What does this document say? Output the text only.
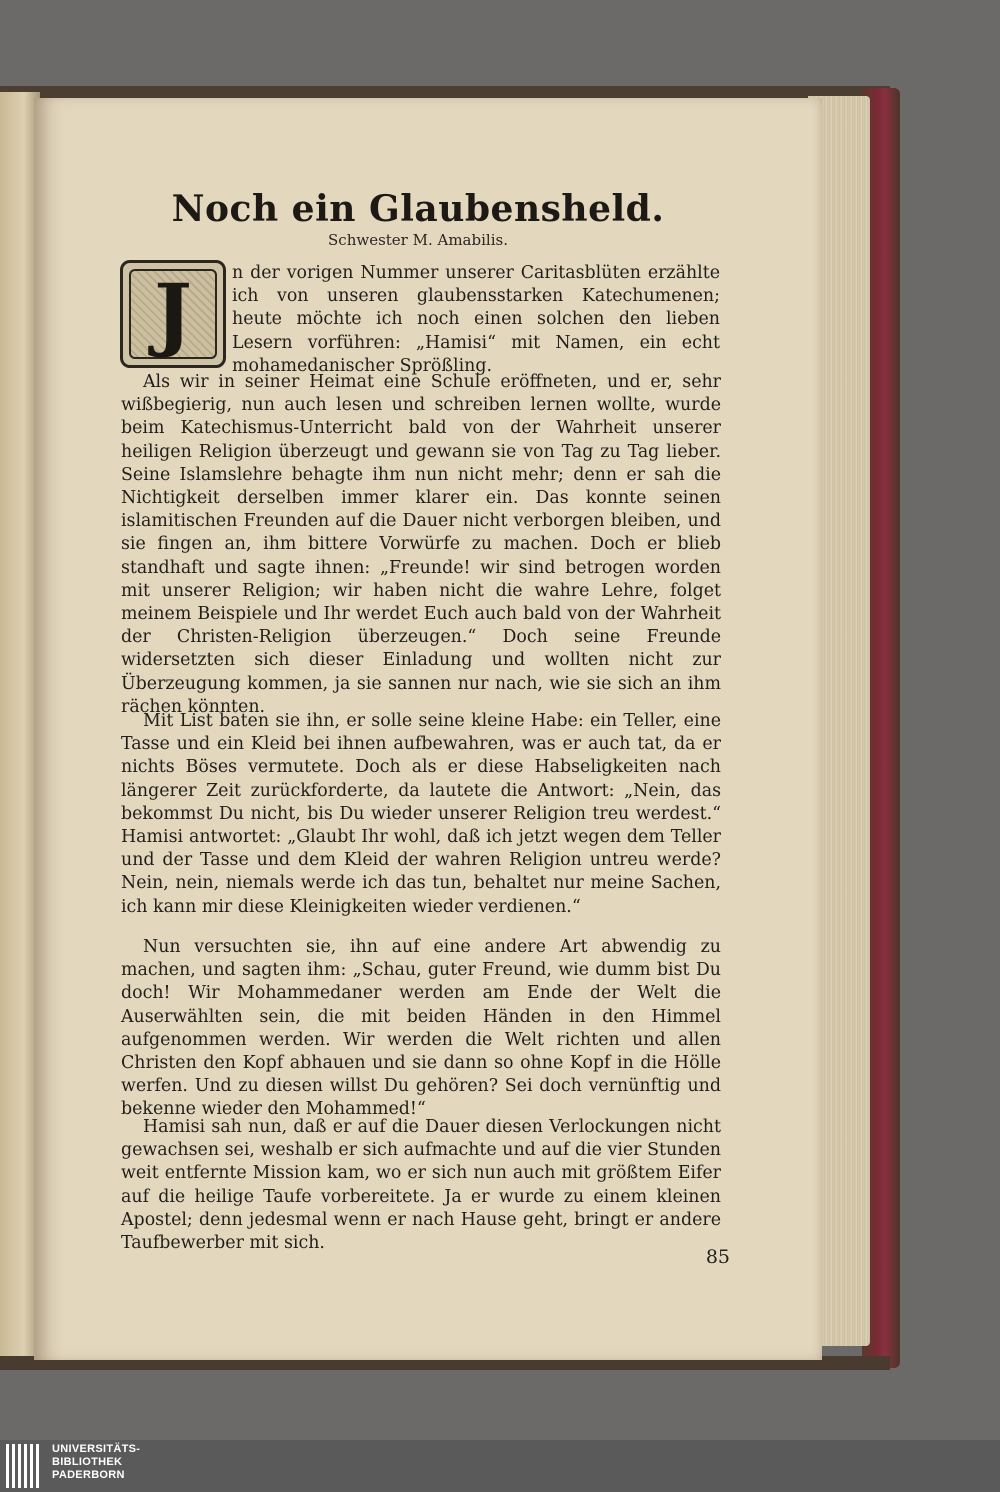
Noch ein Glaubensheld.
Schwester M. Amabilis.
J	n der vorigen Nummer unserer Caritasblüten erzählte ich von unseren glaubensstarken Katechumenen; heute möchte ich noch einen solchen den lieben Lesern vorführen: „Hamisi“ mit Namen, ein echt mohamedanischer Sprößling.

Als wir in seiner Heimat eine Schule eröffneten, und er, sehr wißbegierig, nun auch lesen und schreiben lernen wollte, wurde beim Katechismus-Unterricht bald von der Wahrheit unserer heiligen Religion überzeugt und gewann sie von Tag zu Tag lieber. Seine Islamslehre behagte ihm nun nicht mehr; denn er sah die Nichtigkeit derselben immer klarer ein. Das konnte seinen islamitischen Freunden auf die Dauer nicht verborgen bleiben, und sie fingen an, ihm bittere Vorwürfe zu machen. Doch er blieb standhaft und sagte ihnen: „Freunde! wir sind betrogen worden mit unserer Religion; wir haben nicht die wahre Lehre, folget meinem Beispiele und Ihr werdet Euch auch bald von der Wahrheit der Christen-Religion überzeugen.“ Doch seine Freunde widersetzten sich dieser Einladung und wollten nicht zur Überzeugung kommen, ja sie sannen nur nach, wie sie sich an ihm rächen könnten.

Mit List baten sie ihn, er solle seine kleine Habe: ein Teller, eine Tasse und ein Kleid bei ihnen aufbewahren, was er auch tat, da er nichts Böses vermutete. Doch als er diese Habseligkeiten nach längerer Zeit zurückforderte, da lautete die Antwort: „Nein, das bekommst Du nicht, bis Du wieder unserer Religion treu werdest.“ Hamisi antwortet: „Glaubt Ihr wohl, daß ich jetzt wegen dem Teller und der Tasse und dem Kleid der wahren Religion untreu werde? Nein, nein, niemals werde ich das tun, behaltet nur meine Sachen, ich kann mir diese Kleinigkeiten wieder verdienen.“

Nun versuchten sie, ihn auf eine andere Art abwendig zu machen, und sagten ihm: „Schau, guter Freund, wie dumm bist Du doch! Wir Mohammedaner werden am Ende der Welt die Auserwählten sein, die mit beiden Händen in den Himmel aufgenommen werden. Wir werden die Welt richten und allen Christen den Kopf abhauen und sie dann so ohne Kopf in die Hölle werfen. Und zu diesen willst Du gehören? Sei doch vernünftig und bekenne wieder den Mohammed!“

Hamisi sah nun, daß er auf die Dauer diesen Verlockungen nicht gewachsen sei, weshalb er sich aufmachte und auf die vier Stunden weit entfernte Mission kam, wo er sich nun auch mit größtem Eifer auf die heilige Taufe vorbereitete. Ja er wurde zu einem kleinen Apostel; denn jedesmal wenn er nach Hause geht, bringt er andere Taufbewerber mit sich.

85
UNIVERSITÄTS-
BIBLIOTHEK
PADERBORN
